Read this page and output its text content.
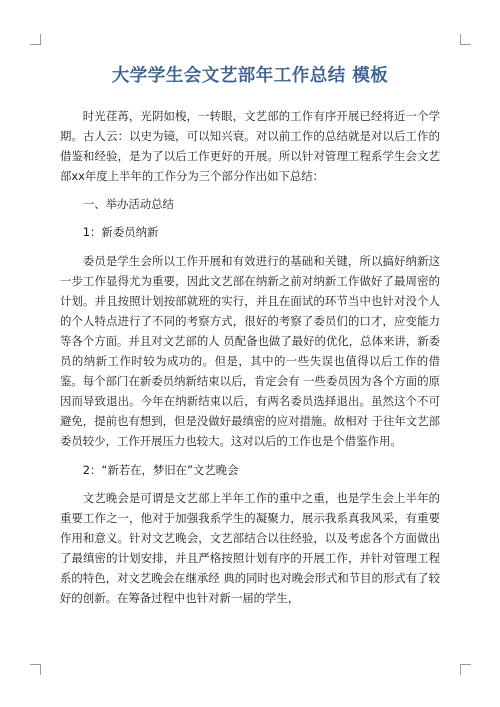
大学学生会文艺部年工作总结 模板

时光荏苒，光阴如梭，一转眼，文艺部的工作有序开展已经将近一个学期。古人云：以史为镜，可以知兴衰。对以前工作的总结就是对以后工作的借鉴和经验，是为了以后工作更好的开展。所以针对管理工程系学生会文艺部xx年度上半年的工作分为三个部分作出如下总结：

一、举办活动总结

1：新委员纳新

委员是学生会所以工作开展和有效进行的基础和关键，所以搞好纳新这一步工作显得尤为重要，因此文艺部在纳新之前对纳新工作做好了最周密的计划。并且按照计划按部就班的实行，并且在面试的环节当中也针对没个人的个人特点进行了不同的考察方式，很好的考察了委员们的口才，应变能力等各个方面。并且对文艺部的人 员配备也做了最好的优化，总体来讲，新委员的纳新工作时较为成功的。但是，其中的一些失误也值得以后工作的借鉴。每个部门在新委员纳新结束以后，肯定会有 一些委员因为各个方面的原因而导致退出。今年在纳新结束以后，有两名委员选择退出。虽然这个不可避免，提前也有想到，但是没做好最缜密的应对措施。故相对 于往年文艺部委员较少，工作开展压力也较大。这对以后的工作也是个借鉴作用。

2：“新若在，梦旧在”文艺晚会

文艺晚会是可谓是文艺部上半年工作的重中之重，也是学生会上半年的重要工作之一，他对于加强我系学生的凝聚力，展示我系真我风采，有重要作用和意义。针对文艺晚会，文艺部结合以往经验，以及考虑各个方面做出了最缜密的计划安排，并且严格按照计划有序的开展工作，并针对管理工程系的特色，对文艺晚会在继承经 典的同时也对晚会形式和节目的形式有了较好的创新。在筹备过程中也针对新一届的学生，
